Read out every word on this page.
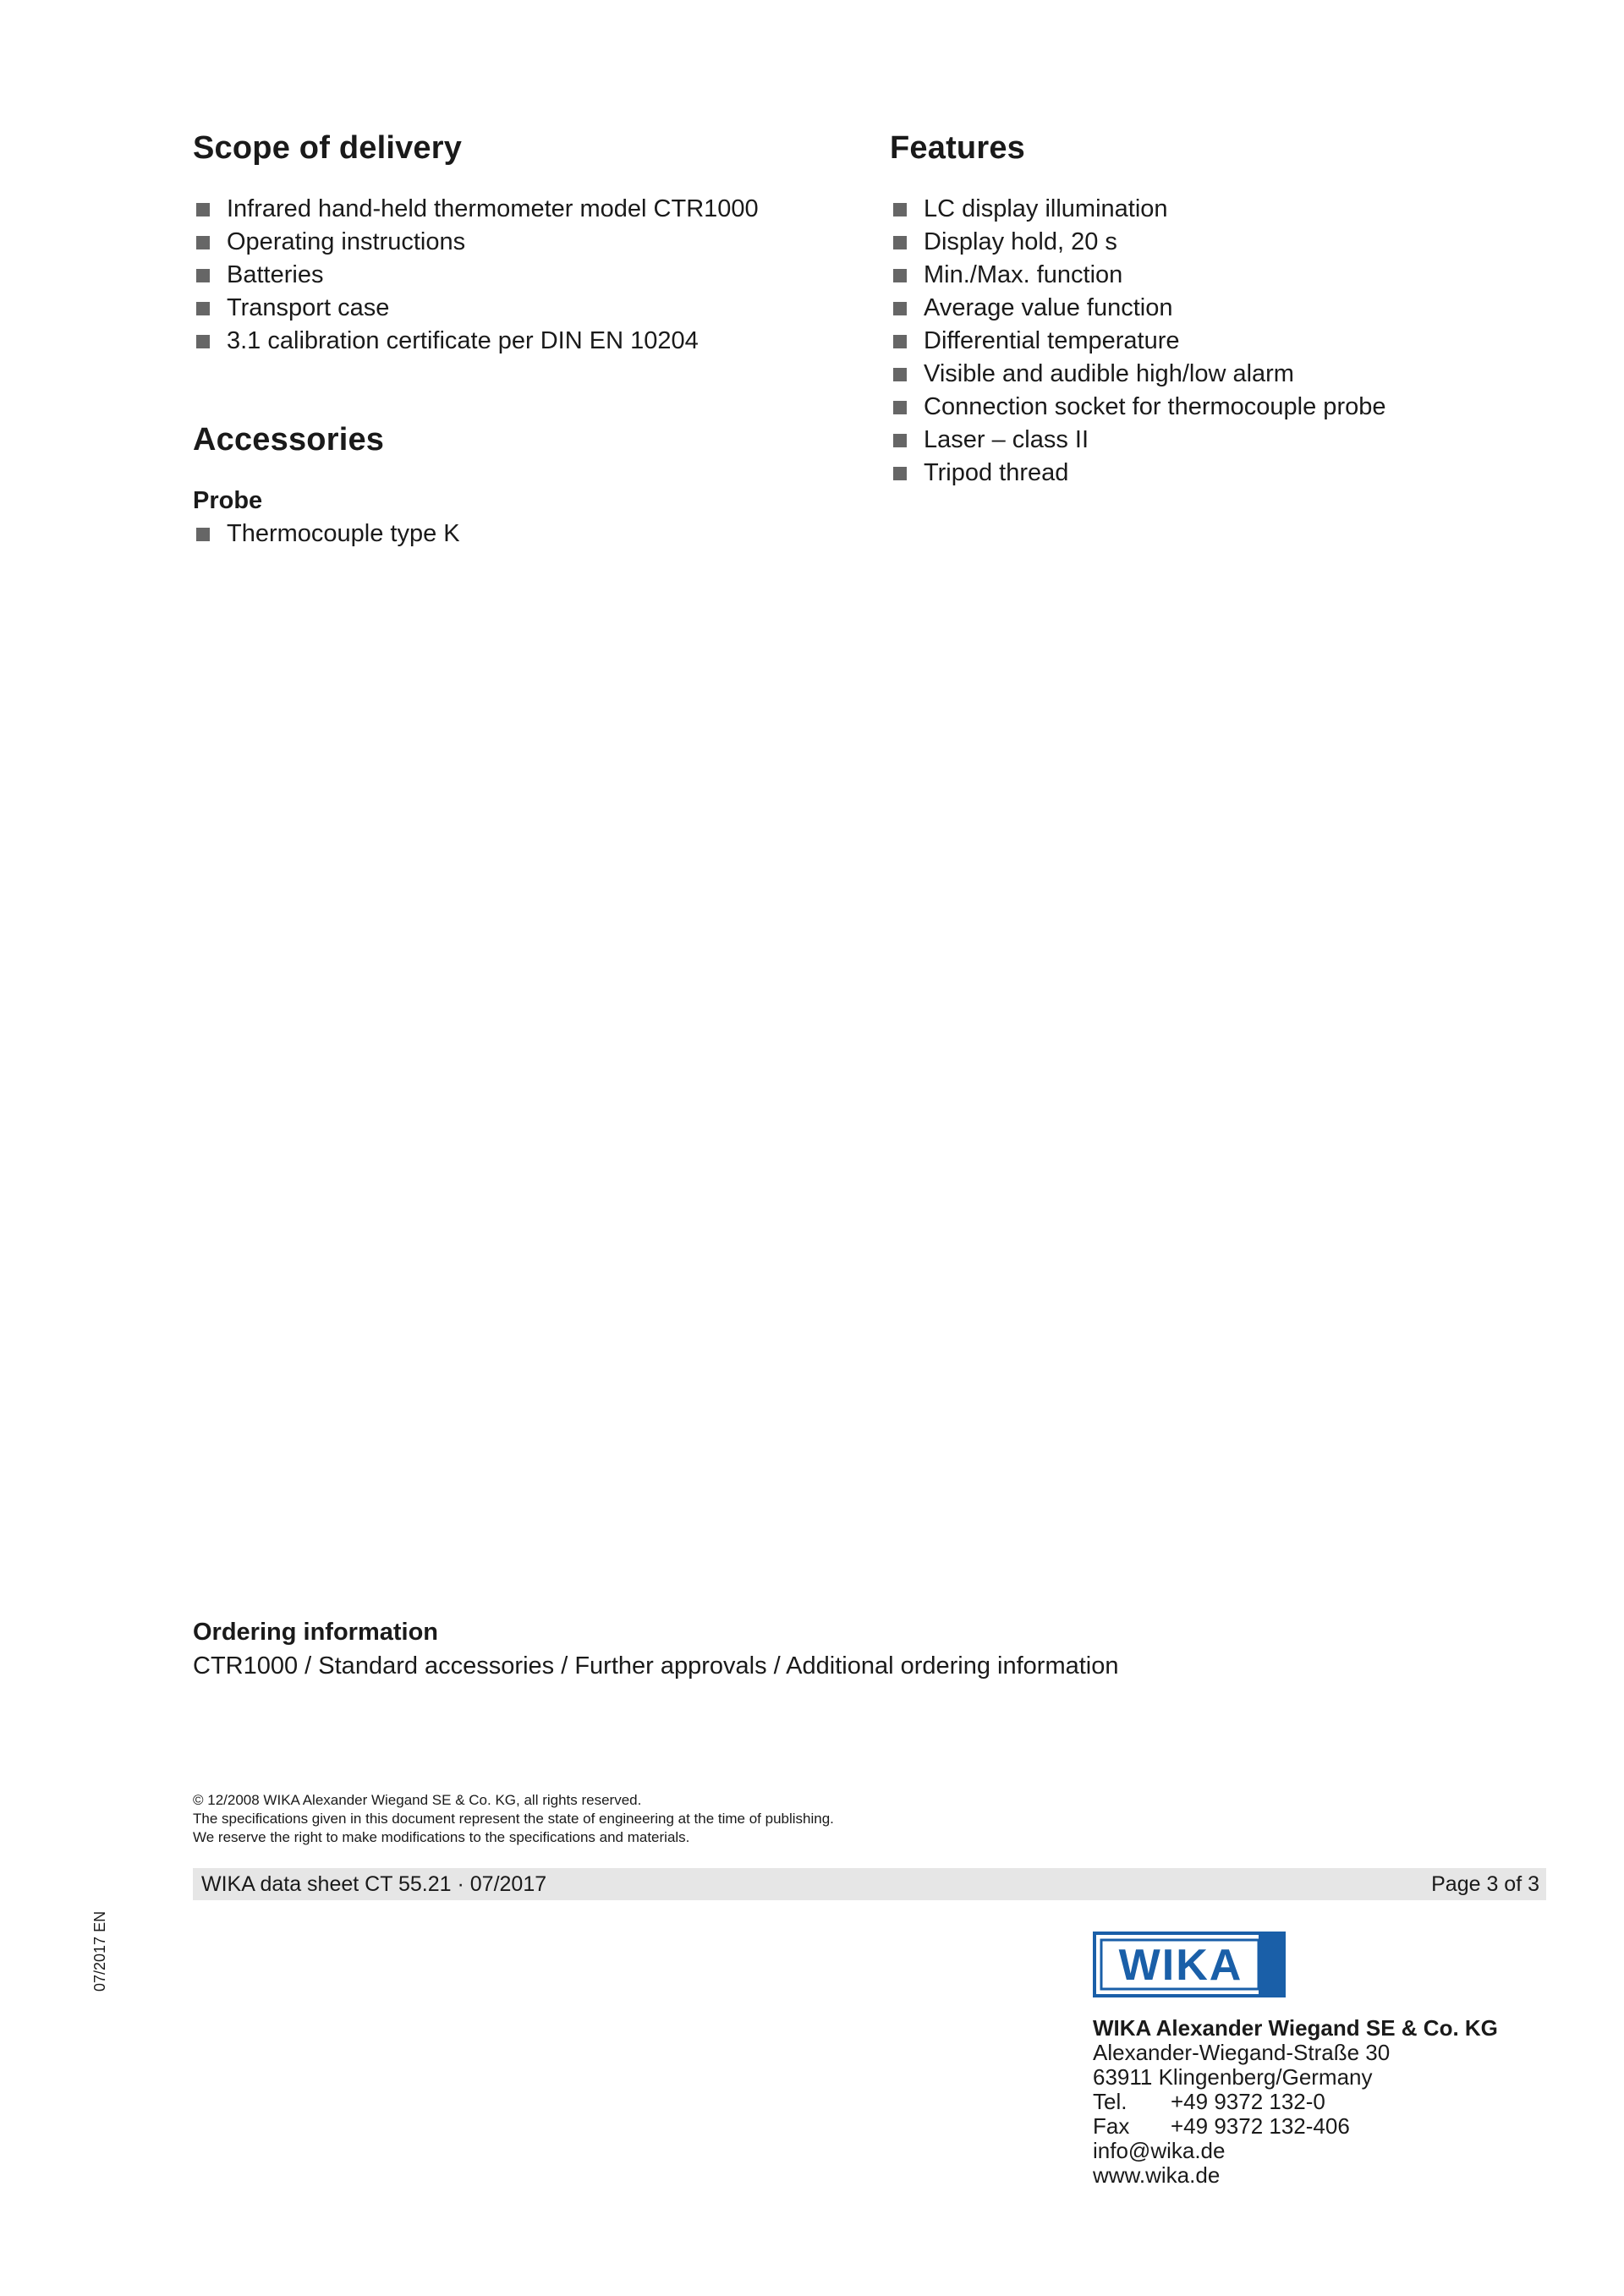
Scope of delivery
Infrared hand-held thermometer model CTR1000
Operating instructions
Batteries
Transport case
3.1 calibration certificate per DIN EN 10204
Features
LC display illumination
Display hold, 20 s
Min./Max. function
Average value function
Differential temperature
Visible and audible high/low alarm
Connection socket for thermocouple probe
Laser – class II
Tripod thread
Accessories
Probe
Thermocouple type K
Ordering information

CTR1000 / Standard accessories / Further approvals / Additional ordering information

© 12/2008 WIKA Alexander Wiegand SE & Co. KG, all rights reserved.
The specifications given in this document represent the state of engineering at the time of publishing.
We reserve the right to make modifications to the specifications and materials.
WIKA data sheet CT 55.21 · 07/2017	Page 3 of 3
07/2017 EN	WIKA
WIKA Alexander Wiegand SE & Co. KG
Alexander-Wiegand-Straße 30
63911 Klingenberg/Germany
Tel. +49 9372 132-0
Fax +49 9372 132-406
info@wika.de
www.wika.de
